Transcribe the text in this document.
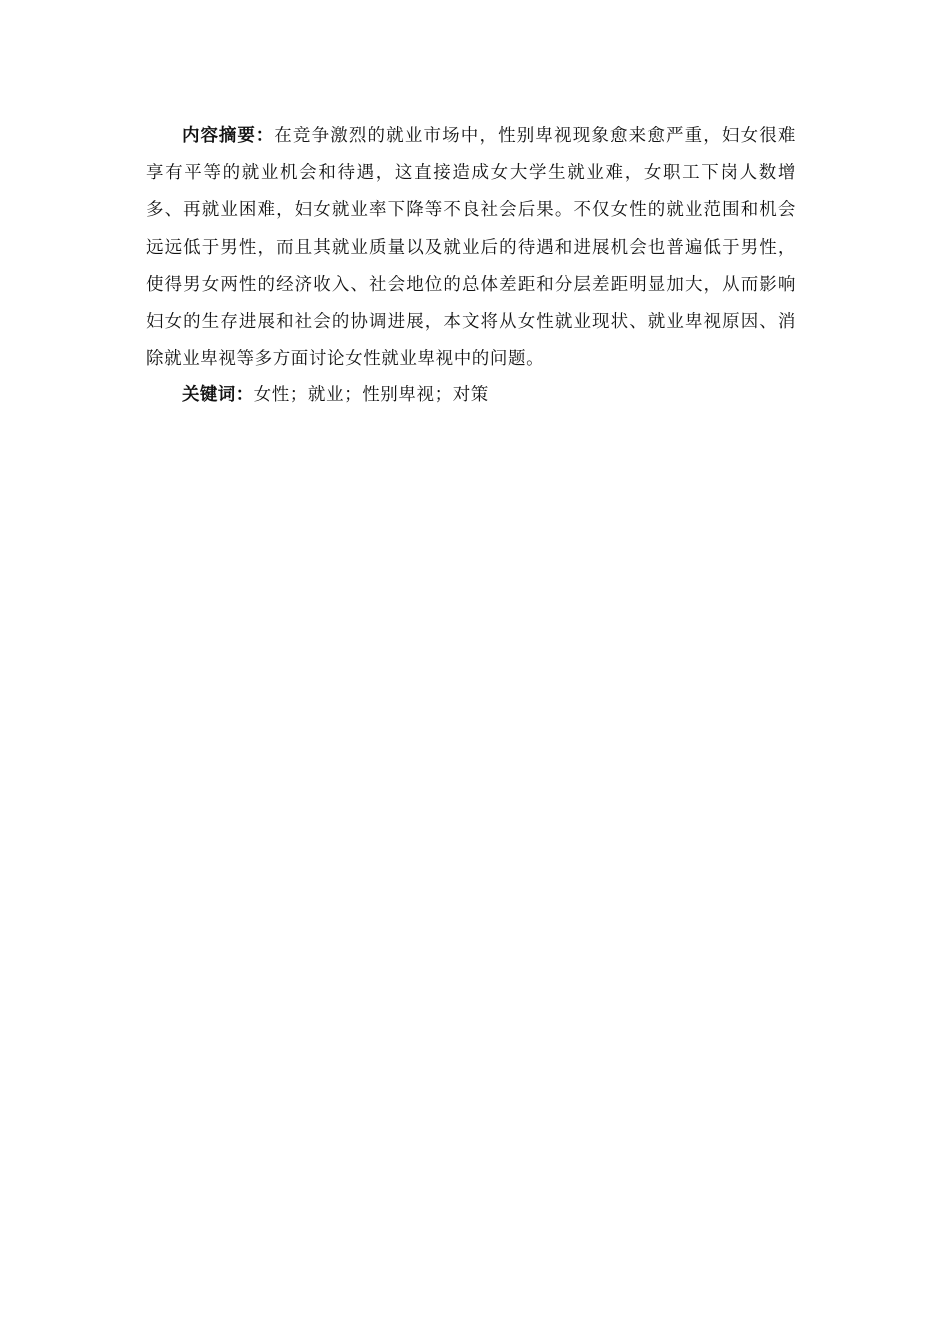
内容摘要：在竞争激烈的就业市场中，性别卑视现象愈来愈严重，妇女很难享有平等的就业机会和待遇，这直接造成女大学生就业难，女职工下岗人数增多、再就业困难，妇女就业率下降等不良社会后果。不仅女性的就业范围和机会远远低于男性，而且其就业质量以及就业后的待遇和进展机会也普遍低于男性，使得男女两性的经济收入、社会地位的总体差距和分层差距明显加大，从而影响妇女的生存进展和社会的协调进展，本文将从女性就业现状、就业卑视原因、消除就业卑视等多方面讨论女性就业卑视中的问题。

关键词：女性；就业；性别卑视；对策
